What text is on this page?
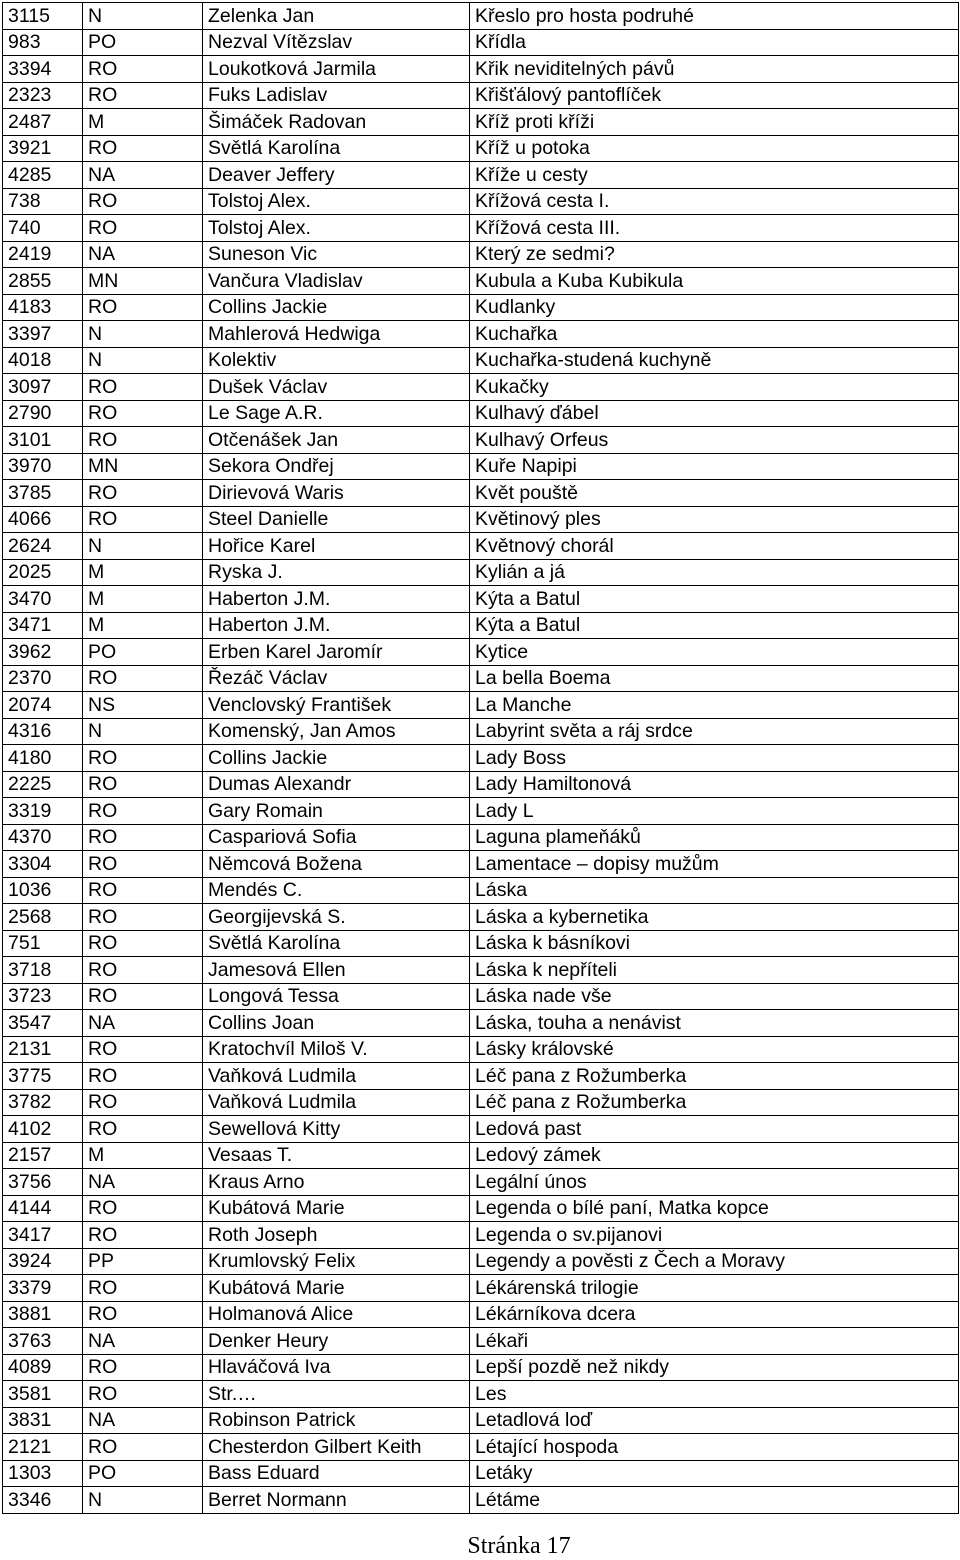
3115	N	Zelenka Jan	Křeslo pro hosta podruhé
983	PO	Nezval Vítězslav	Křídla
3394	RO	Loukotková Jarmila	Křik neviditelných pávů
2323	RO	Fuks Ladislav	Křišťálový pantoflíček
2487	M	Šimáček Radovan	Kříž proti kříži
3921	RO	Světlá Karolína	Kříž u potoka
4285	NA	Deaver Jeffery	Kříže u cesty
738	RO	Tolstoj Alex.	Křížová cesta I.
740	RO	Tolstoj Alex.	Křížová cesta III.
2419	NA	Suneson Vic	Který ze sedmi?
2855	MN	Vančura Vladislav	Kubula a Kuba Kubikula
4183	RO	Collins Jackie	Kudlanky
3397	N	Mahlerová Hedwiga	Kuchařka
4018	N	Kolektiv	Kuchařka-studená kuchyně
3097	RO	Dušek Václav	Kukačky
2790	RO	Le Sage A.R.	Kulhavý ďábel
3101	RO	Otčenášek Jan	Kulhavý Orfeus
3970	MN	Sekora Ondřej	Kuře Napipi
3785	RO	Dirievová Waris	Květ pouště
4066	RO	Steel Danielle	Květinový ples
2624	N	Hořice Karel	Květnový chorál
2025	M	Ryska J.	Kylián a já
3470	M	Haberton J.M.	Kýta a Batul
3471	M	Haberton J.M.	Kýta a Batul
3962	PO	Erben Karel Jaromír	Kytice
2370	RO	Řezáč Václav	La bella Boema
2074	NS	Venclovský František	La Manche
4316	N	Komenský, Jan Amos	Labyrint světa a ráj srdce
4180	RO	Collins Jackie	Lady Boss
2225	RO	Dumas Alexandr	Lady Hamiltonová
3319	RO	Gary Romain	Lady L
4370	RO	Caspariová Sofia	Laguna plameňáků
3304	RO	Němcová Božena	Lamentace – dopisy mužům
1036	RO	Mendés C.	Láska
2568	RO	Georgijevská S.	Láska a kybernetika
751	RO	Světlá Karolína	Láska k básníkovi
3718	RO	Jamesová Ellen	Láska k nepříteli
3723	RO	Longová Tessa	Láska nade vše
3547	NA	Collins Joan	Láska, touha a nenávist
2131	RO	Kratochvíl Miloš V.	Lásky královské
3775	RO	Vaňková Ludmila	Léč pana z Rožumberka
3782	RO	Vaňková Ludmila	Léč pana z Rožumberka
4102	RO	Sewellová Kitty	Ledová past
2157	M	Vesaas T.	Ledový zámek
3756	NA	Kraus Arno	Legální únos
4144	RO	Kubátová Marie	Legenda o bílé paní, Matka kopce
3417	RO	Roth Joseph	Legenda o sv.pijanovi
3924	PP	Krumlovský Felix	Legendy a pověsti z Čech a Moravy
3379	RO	Kubátová Marie	Lékárenská trilogie
3881	RO	Holmanová Alice	Lékárníkova dcera
3763	NA	Denker Heury	Lékaři
4089	RO	Hlaváčová Iva	Lepší pozdě než nikdy
3581	RO	Str.…	Les
3831	NA	Robinson Patrick	Letadlová loď
2121	RO	Chesterdon Gilbert Keith	Létající hospoda
1303	PO	Bass Eduard	Letáky
3346	N	Berret Normann	Létáme
Stránka 17
